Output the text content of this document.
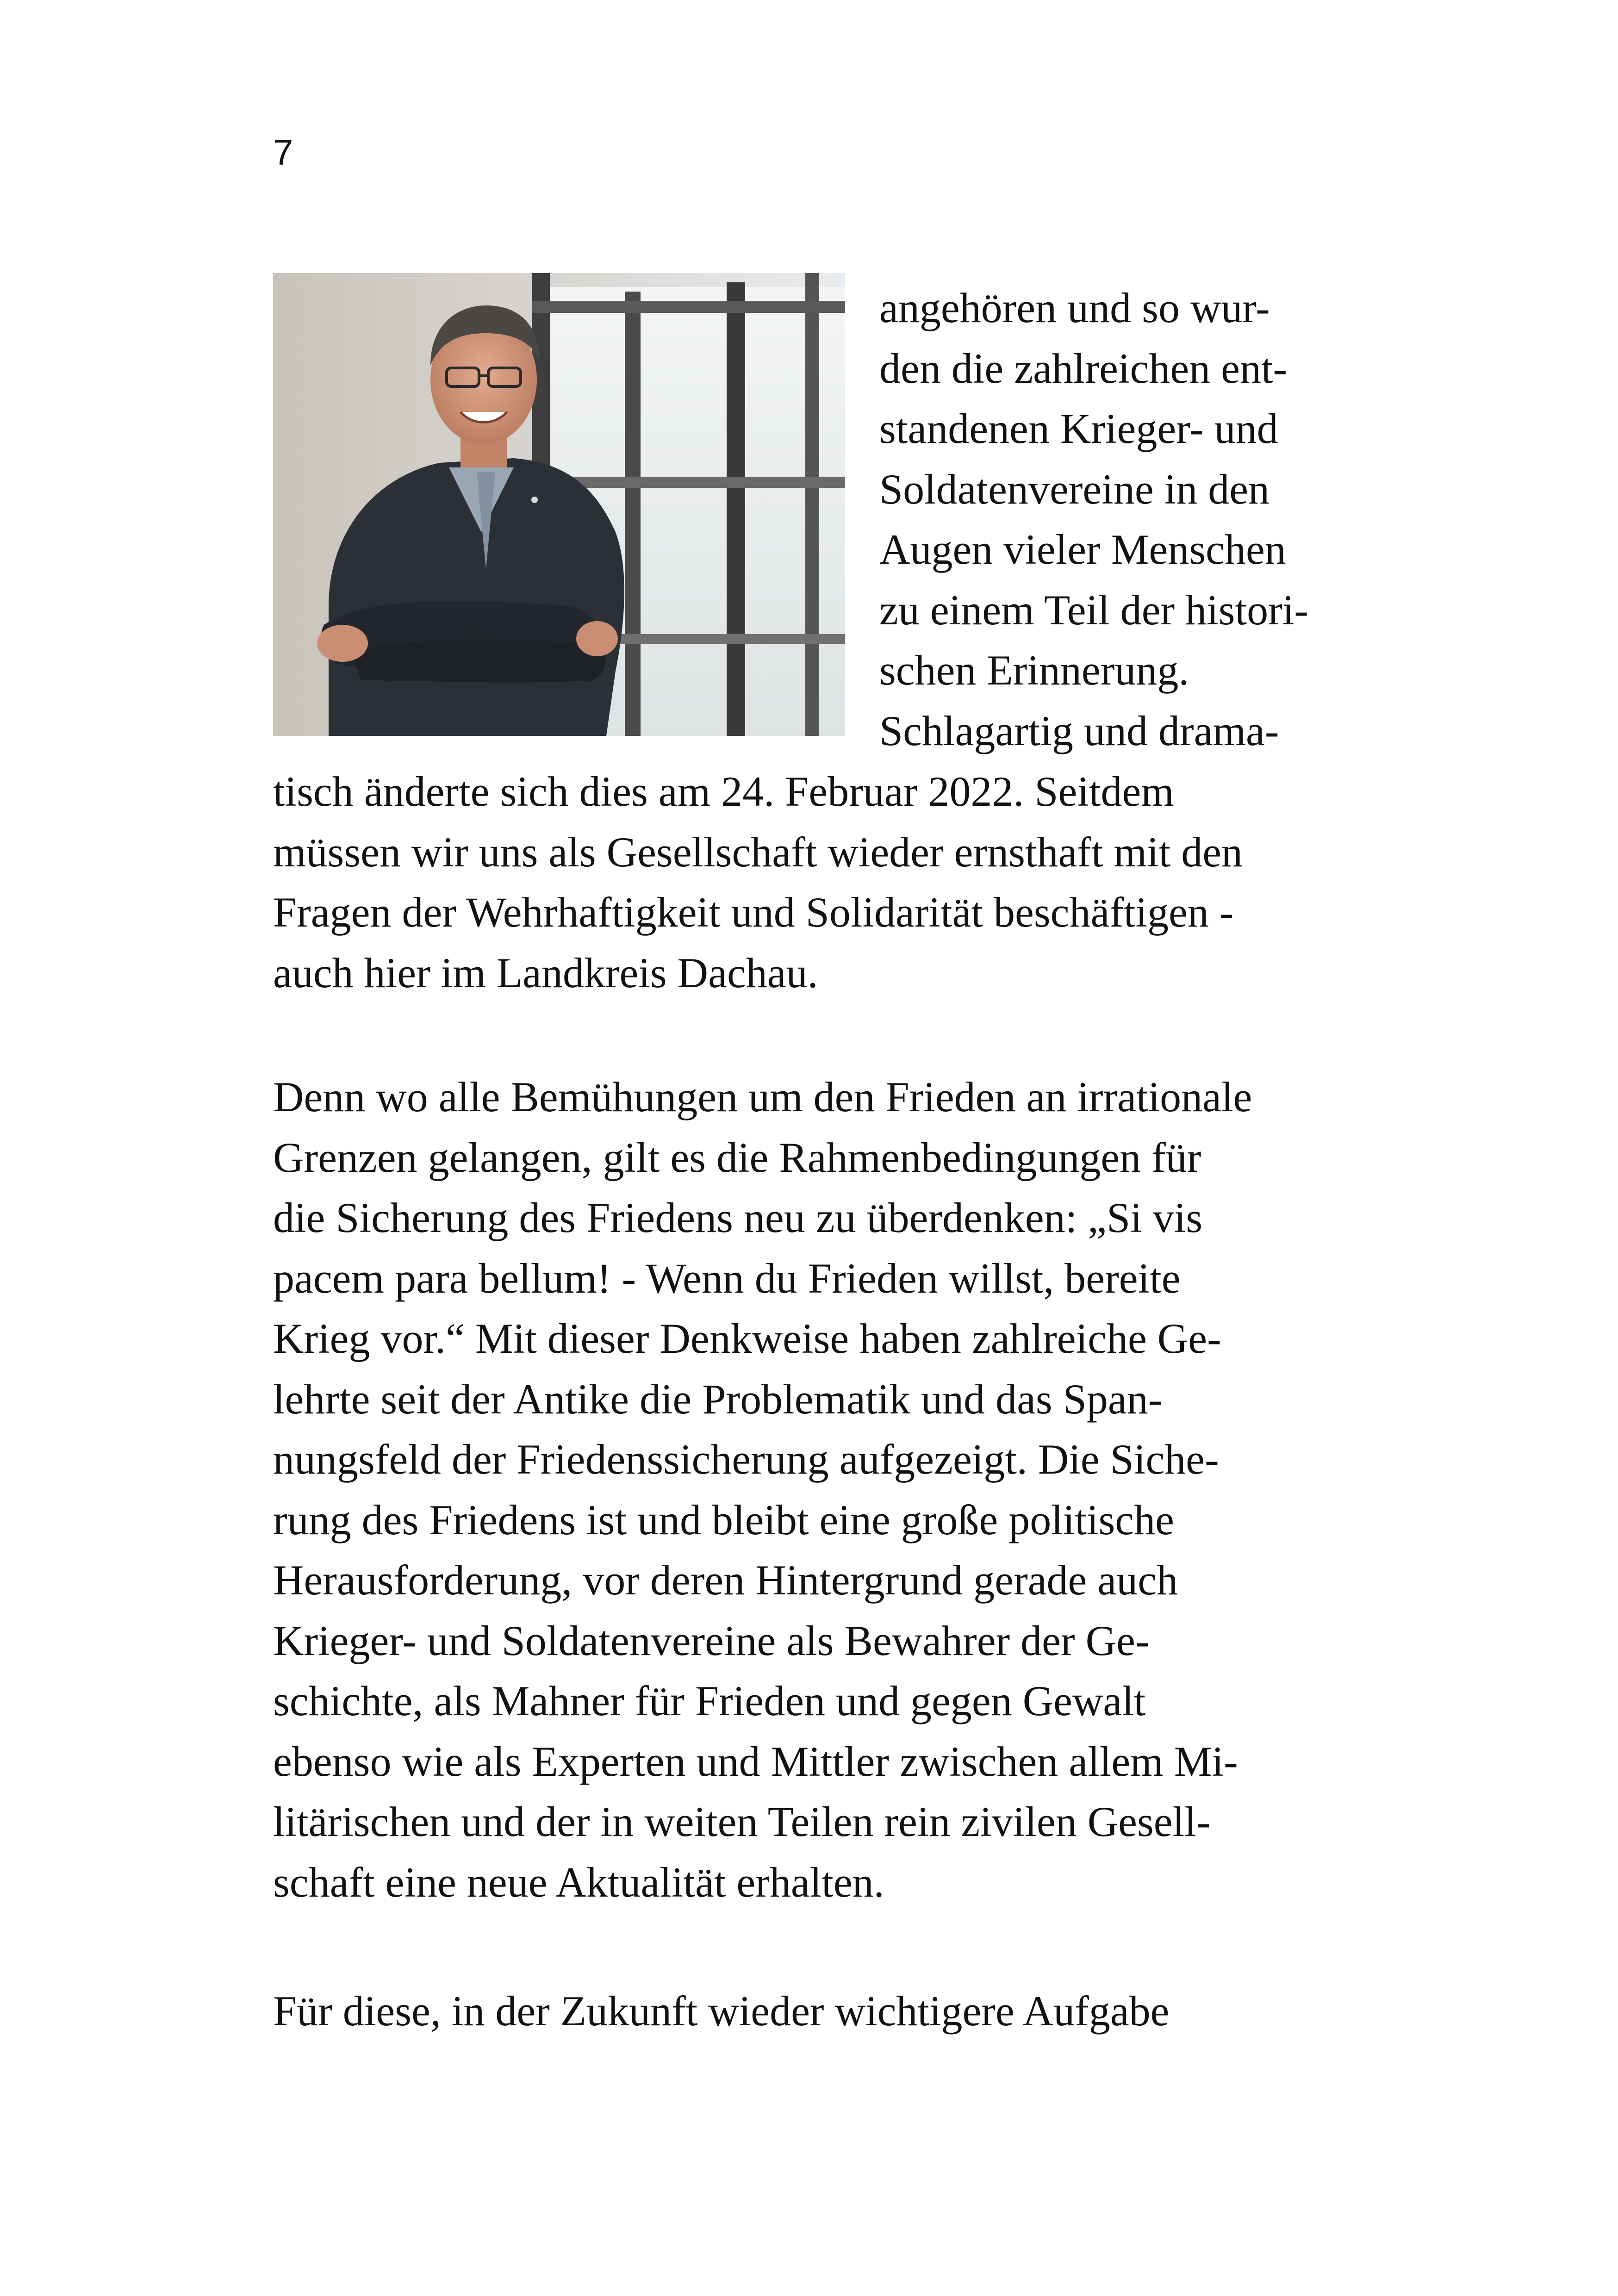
7
angehören und so wur-
den die zahlreichen ent-
standenen Krieger- und
Soldatenvereine in den
Augen vieler Menschen
zu einem Teil der histori-
schen Erinnerung.
Schlagartig und drama-
tisch änderte sich dies am 24. Februar 2022. Seitdem
müssen wir uns als Gesellschaft wieder ernsthaft mit den
Fragen der Wehrhaftigkeit und Solidarität beschäftigen -
auch hier im Landkreis Dachau.
Denn wo alle Bemühungen um den Frieden an irrationale
Grenzen gelangen, gilt es die Rahmenbedingungen für
die Sicherung des Friedens neu zu überdenken: „Si vis
pacem para bellum! - Wenn du Frieden willst, bereite
Krieg vor.“ Mit dieser Denkweise haben zahlreiche Ge-
lehrte seit der Antike die Problematik und das Span-
nungsfeld der Friedenssicherung aufgezeigt. Die Siche-
rung des Friedens ist und bleibt eine große politische
Herausforderung, vor deren Hintergrund gerade auch
Krieger- und Soldatenvereine als Bewahrer der Ge-
schichte, als Mahner für Frieden und gegen Gewalt
ebenso wie als Experten und Mittler zwischen allem Mi-
litärischen und der in weiten Teilen rein zivilen Gesell-
schaft eine neue Aktualität erhalten.
Für diese, in der Zukunft wieder wichtigere Aufgabe
